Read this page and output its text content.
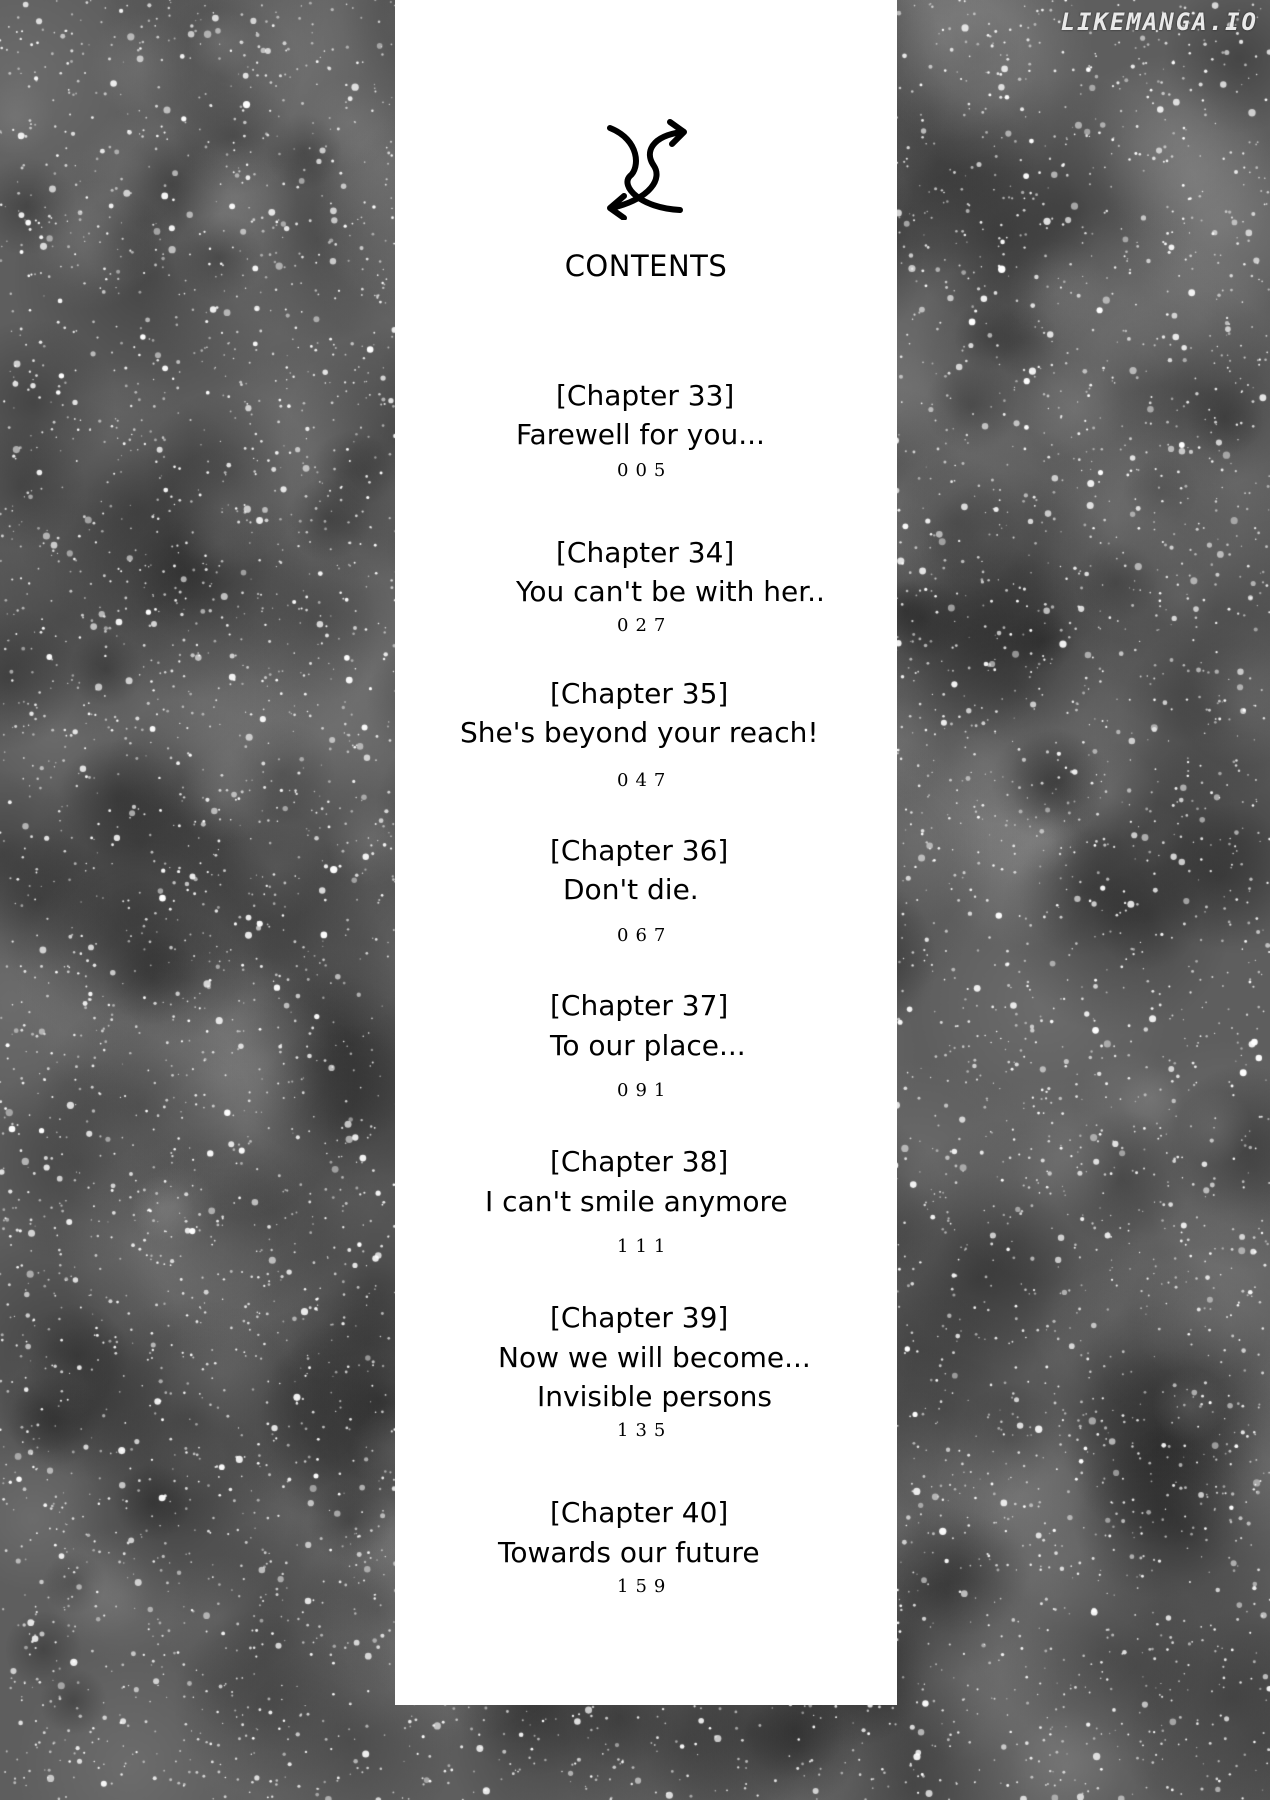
LIKEMANGA.IO
CONTENTS
[Chapter 33]
Farewell for you...
005
[Chapter 34]
You can't be with her..
027
[Chapter 35]
She's beyond your reach!
047
[Chapter 36]
Don't die.
067
[Chapter 37]
To our place...
091
[Chapter 38]
I can't smile anymore
111
[Chapter 39]
Now we will become...
Invisible persons
135
[Chapter 40]
Towards our future
159
